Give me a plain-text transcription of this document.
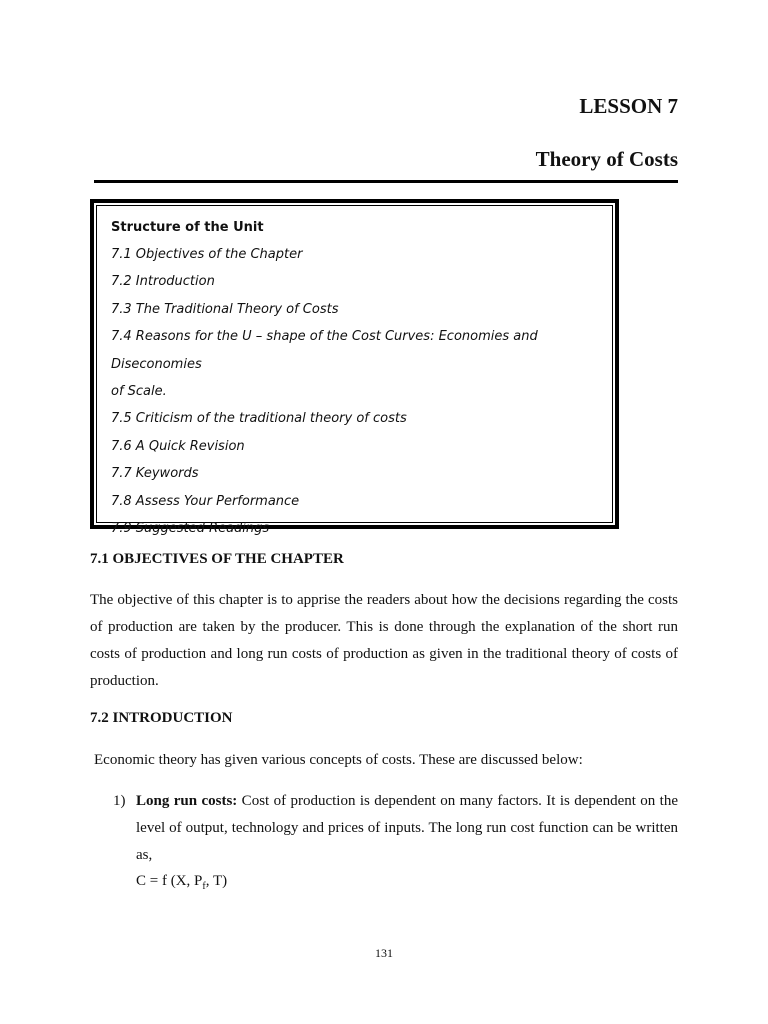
LESSON 7
Theory of Costs

Structure of the Unit

7.1 Objectives of the Chapter
7.2 Introduction
7.3 The Traditional Theory of Costs
7.4 Reasons for the U – shape of the Cost Curves: Economies and Diseconomies
of Scale.
7.5 Criticism of the traditional theory of costs
7.6 A Quick Revision
7.7 Keywords
7.8 Assess Your Performance
7.9 Suggested Readings
7.1 OBJECTIVES OF THE CHAPTER

The objective of this chapter is to apprise the readers about how the decisions regarding the costs of production are taken by the producer. This is done through the explanation of the short run costs of production and long run costs of production as given in the traditional theory of costs of production.

7.2 INTRODUCTION

Economic theory has given various concepts of costs. These are discussed below:

1) Long run costs: Cost of production is dependent on many factors. It is dependent on the level of output, technology and prices of inputs. The long run cost function can be written as,

C = f (X, $P_f$, T)

131
